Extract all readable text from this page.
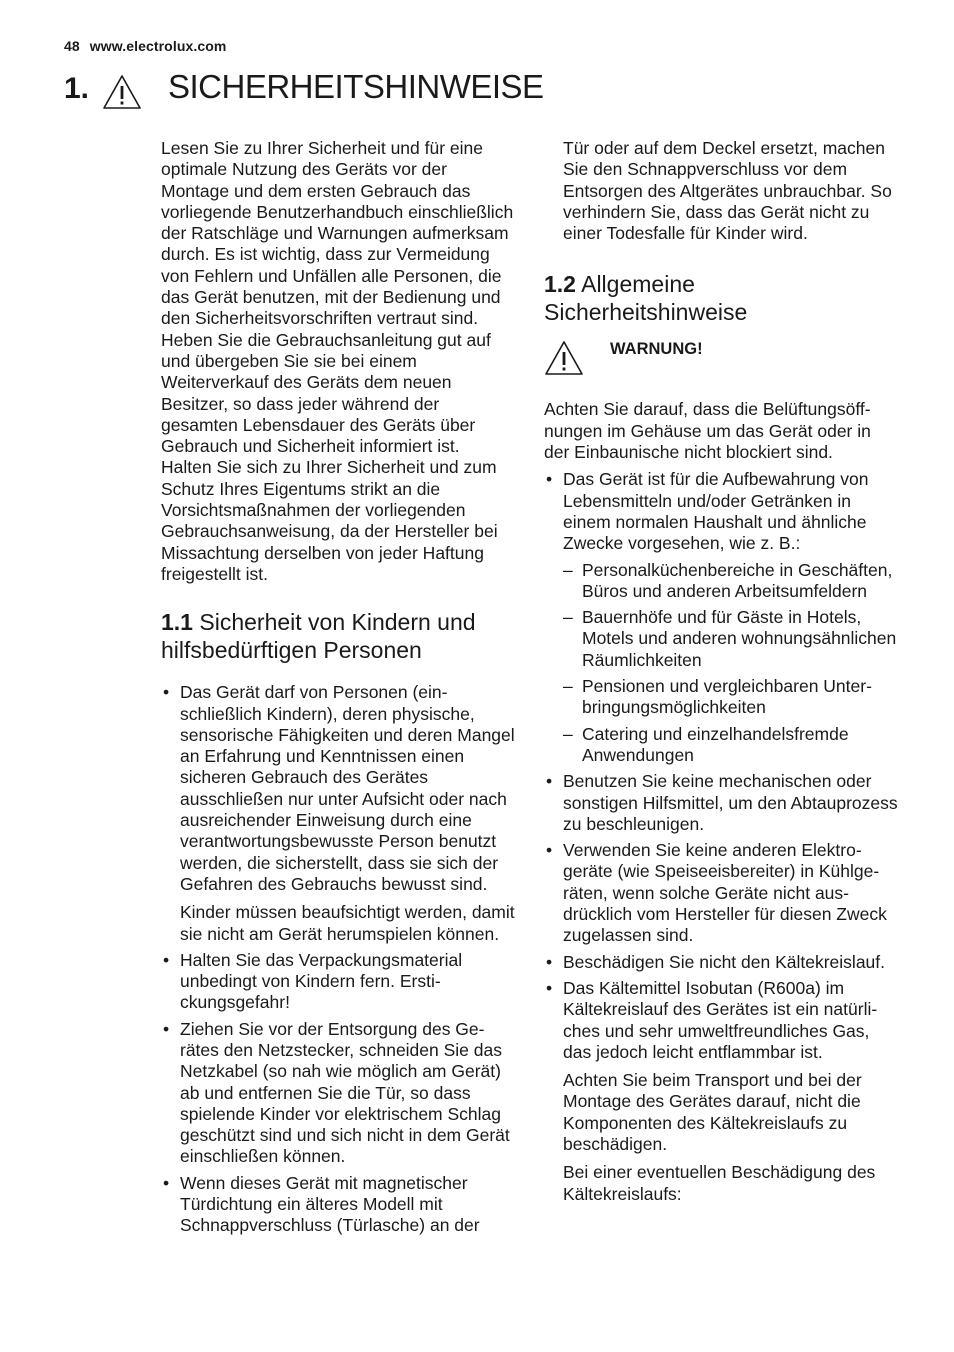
48 www.electrolux.com
1. SICHERHEITSHINWEISE

Lesen Sie zu Ihrer Sicherheit und für eine optimale Nutzung des Geräts vor der Montage und dem ersten Gebrauch das vorliegende Benutzerhandbuch einschließlich der Ratschläge und Warnungen aufmerksam durch. Es ist wichtig, dass zur Vermeidung von Fehlern und Unfällen alle Personen, die das Gerät benutzen, mit der Bedienung und den Sicherheitsvorschriften vertraut sind. Heben Sie die Gebrauchsanleitung gut auf und übergeben Sie sie bei einem Weiterverkauf des Geräts dem neuen Besitzer, so dass jeder während der gesamten Lebensdauer des Geräts über Gebrauch und Sicherheit informiert ist.

Halten Sie sich zu Ihrer Sicherheit und zum Schutz Ihres Eigentums strikt an die Vorsichtsmaßnahmen der vorliegenden Gebrauchsanweisung, da der Hersteller bei Missachtung derselben von jeder Haftung freigestellt ist.

1.1 Sicherheit von Kindern und hilfsbedürftigen Personen

• Das Gerät darf von Personen (einschließlich Kindern), deren physische, sensorische Fähigkeiten und deren Mangel an Erfahrung und Kenntnissen einen sicheren Gebrauch des Gerätes ausschließen nur unter Aufsicht oder nach ausreichender Einweisung durch eine verantwortungsbewusste Person benutzt werden, die sicherstellt, dass sie sich der Gefahren des Gebrauchs bewusst sind.

Kinder müssen beaufsichtigt werden, damit sie nicht am Gerät herumspielen können.

• Halten Sie das Verpackungsmaterial unbedingt von Kindern fern. Erstickungsgefahr!
• Ziehen Sie vor der Entsorgung des Gerätes den Netzstecker, schneiden Sie das Netzkabel (so nah wie möglich am Gerät) ab und entfernen Sie die Tür, so dass spielende Kinder vor elektrischem Schlag geschützt sind und sich nicht in dem Gerät einschließen können.
• Wenn dieses Gerät mit magnetischer Türdichtung ein älteres Modell mit Schnappverschluss (Türlasche) an der

Tür oder auf dem Deckel ersetzt, machen Sie den Schnappverschluss vor dem Entsorgen des Altgerätes unbrauchbar. So verhindern Sie, dass das Gerät nicht zu einer Todesfalle für Kinder wird.

1.2 Allgemeine Sicherheitshinweise
WARNUNG!

Achten Sie darauf, dass die Belüftungsöffnungen im Gehäuse um das Gerät oder in der Einbaunische nicht blockiert sind.

• Das Gerät ist für die Aufbewahrung von Lebensmitteln und/oder Getränken in einem normalen Haushalt und ähnliche Zwecke vorgesehen, wie z. B.:

– Personalküchenbereiche in Geschäften, Büros und anderen Arbeitsumfeldern
– Bauernhöfe und für Gäste in Hotels, Motels und anderen wohnungsähnlichen Räumlichkeiten
– Pensionen und vergleichbaren Unterbringungsmöglichkeiten
– Catering und einzelhandelsfremde Anwendungen
• Benutzen Sie keine mechanischen oder sonstigen Hilfsmittel, um den Abtauprozess zu beschleunigen.
• Verwenden Sie keine anderen Elektrogeräte (wie Speiseeisbereiter) in Kühlgeräten, wenn solche Geräte nicht ausdrücklich vom Hersteller für diesen Zweck zugelassen sind.
• Beschädigen Sie nicht den Kältekreislauf.

• Das Kältemittel Isobutan (R600a) im Kältekreislauf des Gerätes ist ein natürliches und sehr umweltfreundliches Gas, das jedoch leicht entflammbar ist.

Achten Sie beim Transport und bei der Montage des Gerätes darauf, nicht die Komponenten des Kältekreislaufs zu beschädigen.

Bei einer eventuellen Beschädigung des Kältekreislaufs:
